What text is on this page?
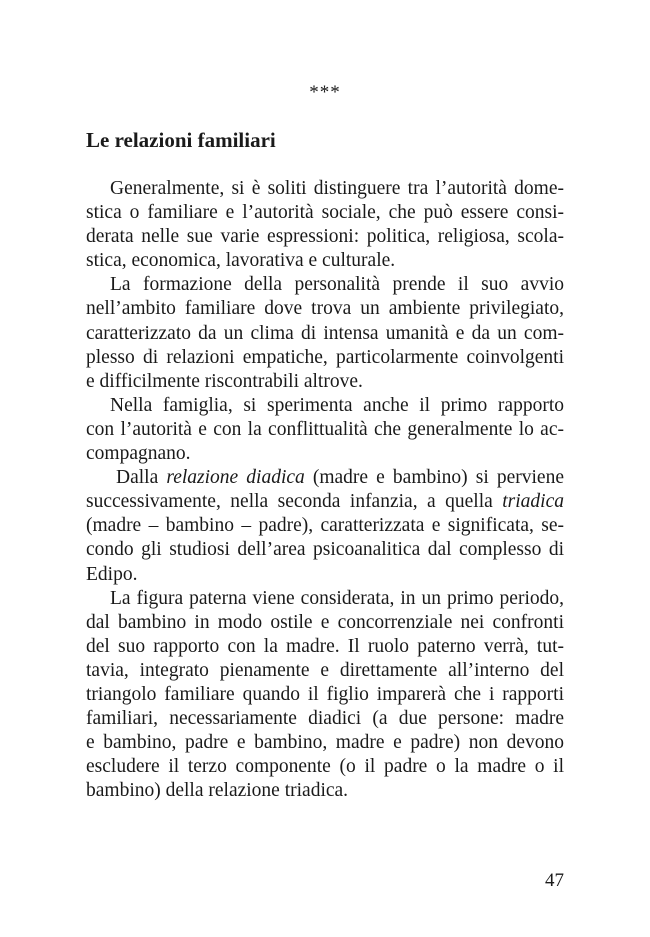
***
Le relazioni familiari
Generalmente, si è soliti distinguere tra l’autorità dome-
stica o familiare e l’autorità sociale, che può essere consi-
derata nelle sue varie espressioni: politica, religiosa, scola-
stica, economica, lavorativa e culturale.
La formazione della personalità prende il suo avvio
nell’ambito familiare dove trova un ambiente privilegiato,
caratterizzato da un clima di intensa umanità e da un com-
plesso di relazioni empatiche, particolarmente coinvolgenti
e difficilmente riscontrabili altrove.
Nella famiglia, si sperimenta anche il primo rapporto
con l’autorità e con la conflittualità che generalmente lo ac-
compagnano.
Dalla relazione diadica (madre e bambino) si perviene
successivamente, nella seconda infanzia, a quella triadica
(madre – bambino – padre), caratterizzata e significata, se-
condo gli studiosi dell’area psicoanalitica dal complesso di
Edipo.
La figura paterna viene considerata, in un primo periodo,
dal bambino in modo ostile e concorrenziale nei confronti
del suo rapporto con la madre. Il ruolo paterno verrà, tut-
tavia, integrato pienamente e direttamente all’interno del
triangolo familiare quando il figlio imparerà che i rapporti
familiari, necessariamente diadici (a due persone: madre
e bambino, padre e bambino, madre e padre) non devono
escludere il terzo componente (o il padre o la madre o il
bambino) della relazione triadica.
47
